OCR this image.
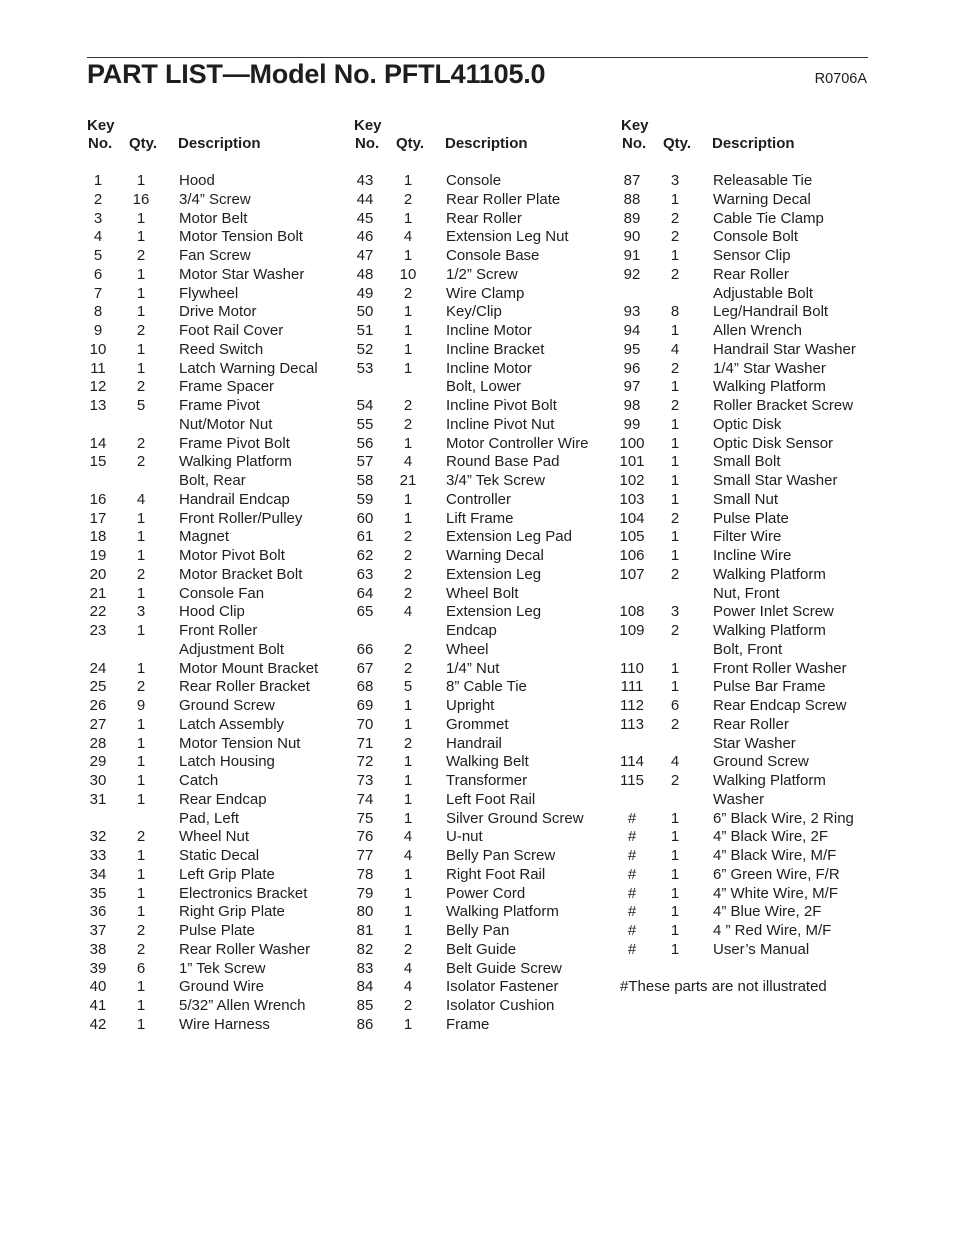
PART LIST—Model No. PFTL41105.0	R0706A
Key
No. Qty. Description
1	1	Hood
2	16	3/4” Screw
3	1	Motor Belt
4	1	Motor Tension Bolt
5	2	Fan Screw
6	1	Motor Star Washer
7	1	Flywheel
8	1	Drive Motor
9	2	Foot Rail Cover
10	1	Reed Switch
11	1	Latch Warning Decal
12	2	Frame Spacer
13	5	Frame Pivot
Nut/Motor Nut
14	2	Frame Pivot Bolt
15	2	Walking Platform
Bolt, Rear
16	4	Handrail Endcap
17	1	Front Roller/Pulley
18	1	Magnet
19	1	Motor Pivot Bolt
20	2	Motor Bracket Bolt
21	1	Console Fan
22	3	Hood Clip
23	1	Front Roller
Adjustment Bolt
24	1	Motor Mount Bracket
25	2	Rear Roller Bracket
26	9	Ground Screw
27	1	Latch Assembly
28	1	Motor Tension Nut
29	1	Latch Housing
30	1	Catch
31	1	Rear Endcap
Pad, Left
32	2	Wheel Nut
33	1	Static Decal
34	1	Left Grip Plate
35	1	Electronics Bracket
36	1	Right Grip Plate
37	2	Pulse Plate
38	2	Rear Roller Washer
39	6	1” Tek Screw
40	1	Ground Wire
41	1	5/32” Allen Wrench
42	1	Wire Harness
Key
No. Qty. Description
43	1	Console
44	2	Rear Roller Plate
45	1	Rear Roller
46	4	Extension Leg Nut
47	1	Console Base
48	10	1/2” Screw
49	2	Wire Clamp
50	1	Key/Clip
51	1	Incline Motor
52	1	Incline Bracket
53	1	Incline Motor
Bolt, Lower
54	2	Incline Pivot Bolt
55	2	Incline Pivot Nut
56	1	Motor Controller Wire
57	4	Round Base Pad
58	21	3/4” Tek Screw
59	1	Controller
60	1	Lift Frame
61	2	Extension Leg Pad
62	2	Warning Decal
63	2	Extension Leg
64	2	Wheel Bolt
65	4	Extension Leg
Endcap
66	2	Wheel
67	2	1/4” Nut
68	5	8” Cable Tie
69	1	Upright
70	1	Grommet
71	2	Handrail
72	1	Walking Belt
73	1	Transformer
74	1	Left Foot Rail
75	1	Silver Ground Screw
76	4	U-nut
77	4	Belly Pan Screw
78	1	Right Foot Rail
79	1	Power Cord
80	1	Walking Platform
81	1	Belly Pan
82	2	Belt Guide
83	4	Belt Guide Screw
84	4	Isolator Fastener
85	2	Isolator Cushion
86	1	Frame
Key
No. Qty. Description
87	3	Releasable Tie
88	1	Warning Decal
89	2	Cable Tie Clamp
90	2	Console Bolt
91	1	Sensor Clip
92	2	Rear Roller
Adjustable Bolt
93	8	Leg/Handrail Bolt
94	1	Allen Wrench
95	4	Handrail Star Washer
96	2	1/4” Star Washer
97	1	Walking Platform
98	2	Roller Bracket Screw
99	1	Optic Disk
100	1	Optic Disk Sensor
101	1	Small Bolt
102	1	Small Star Washer
103	1	Small Nut
104	2	Pulse Plate
105	1	Filter Wire
106	1	Incline Wire
107	2	Walking Platform
Nut, Front
108	3	Power Inlet Screw
109	2	Walking Platform
Bolt, Front
110	1	Front Roller Washer
111	1	Pulse Bar Frame
112	6	Rear Endcap Screw
113	2	Rear Roller
Star Washer
114	4	Ground Screw
115	2	Walking Platform
Washer
#	1	6” Black Wire, 2 Ring
#	1	4” Black Wire, 2F
#	1	4” Black Wire, M/F
#	1	6” Green Wire, F/R
#	1	4” White Wire, M/F
#	1	4” Blue Wire, 2F
#	1	4 ” Red Wire, M/F
#	1	User’s Manual
#These parts are not illustrated
